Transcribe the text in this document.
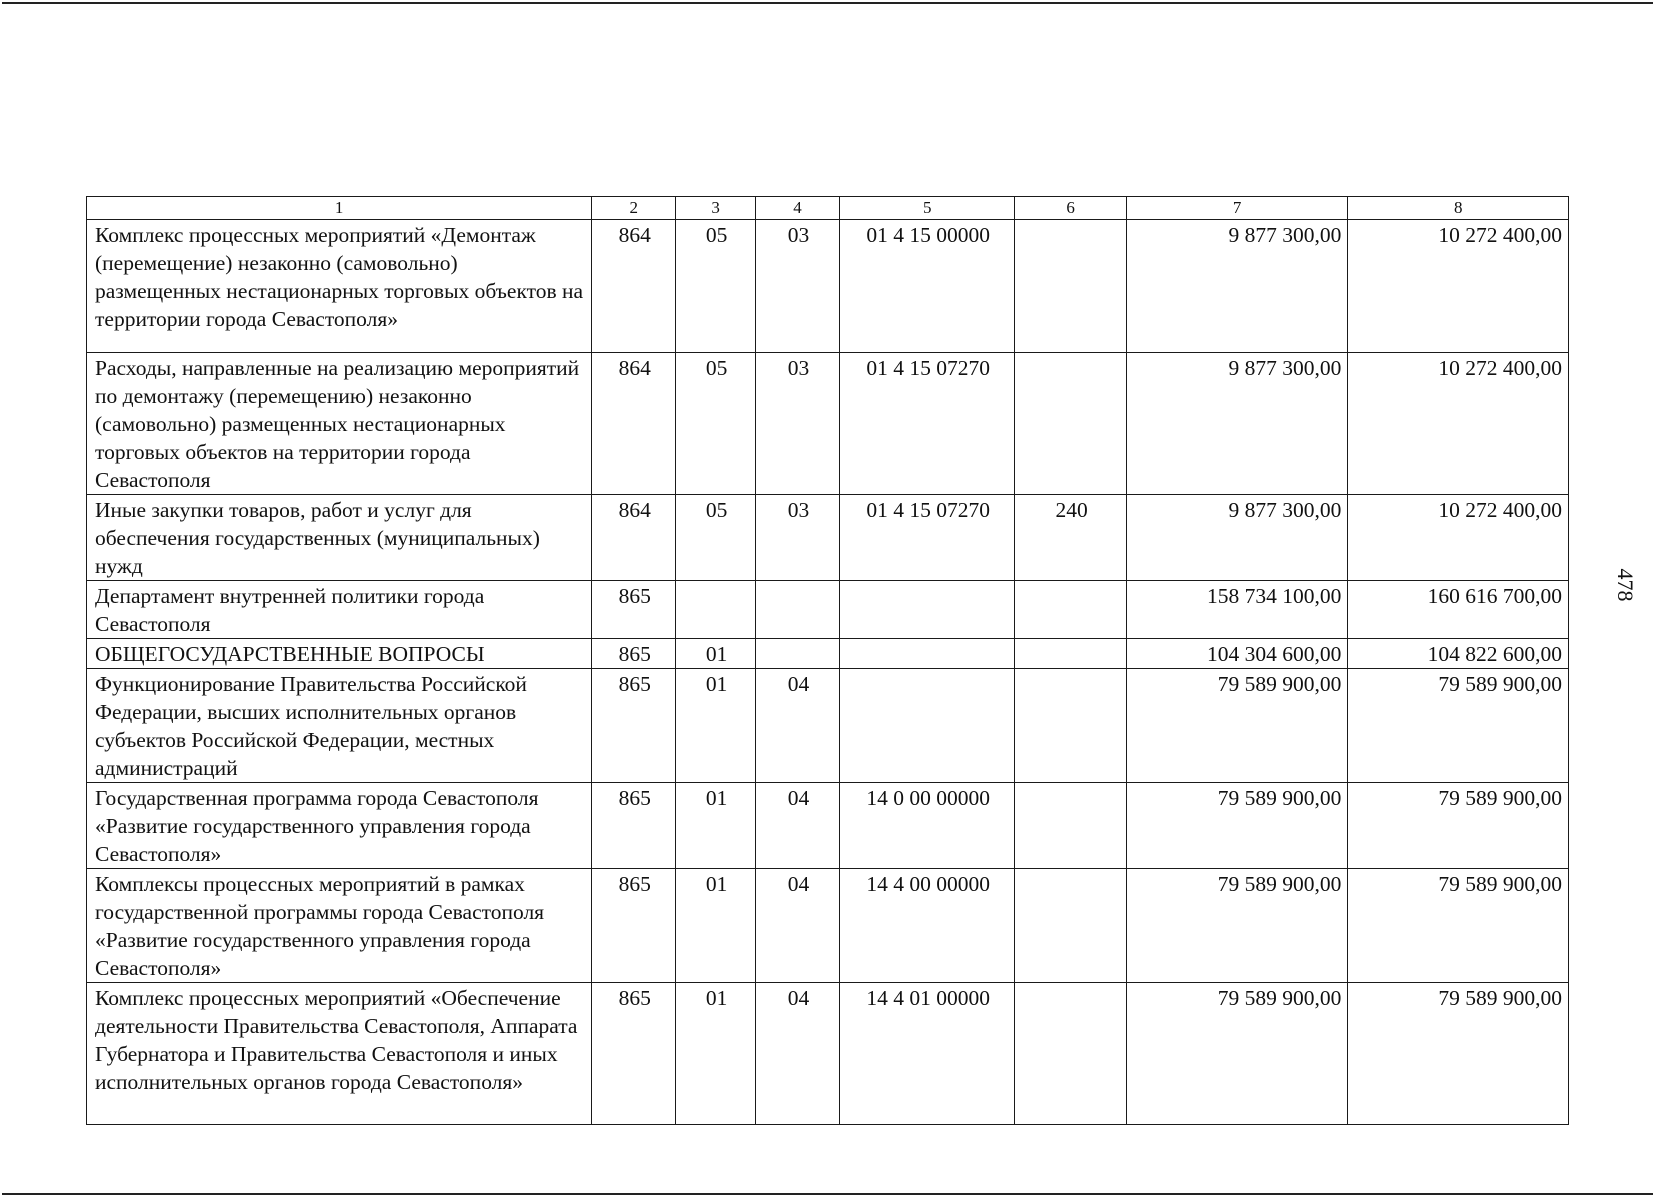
1	2	3	4	5	6	7	8
Комплекс процессных мероприятий «Демонтаж (перемещение) незаконно (самовольно) размещенных нестационарных торговых объектов на территории города Севастополя»	864	05	03	01 4 15 00000		9 877 300,00	10 272 400,00
Расходы, направленные на реализацию мероприятий по демонтажу (перемещению) незаконно (самовольно) размещенных нестационарных торговых объектов на территории города Севастополя	864	05	03	01 4 15 07270		9 877 300,00	10 272 400,00
Иные закупки товаров, работ и услуг для обеспечения государственных (муниципальных) нужд	864	05	03	01 4 15 07270	240	9 877 300,00	10 272 400,00
Департамент внутренней политики города Севастополя	865					158 734 100,00	160 616 700,00
ОБЩЕГОСУДАРСТВЕННЫЕ ВОПРОСЫ	865	01				104 304 600,00	104 822 600,00
Функционирование Правительства Российской Федерации, высших исполнительных органов субъектов Российской Федерации, местных администраций	865	01	04			79 589 900,00	79 589 900,00
Государственная программа города Севастополя «Развитие государственного управления города Севастополя»	865	01	04	14 0 00 00000		79 589 900,00	79 589 900,00
Комплексы процессных мероприятий в рамках государственной программы города Севастополя «Развитие государственного управления города Севастополя»	865	01	04	14 4 00 00000		79 589 900,00	79 589 900,00
Комплекс процессных мероприятий «Обеспечение деятельности Правительства Севастополя, Аппарата Губернатора и Правительства Севастополя и иных исполнительных органов города Севастополя»	865	01	04	14 4 01 00000		79 589 900,00	79 589 900,00
478
